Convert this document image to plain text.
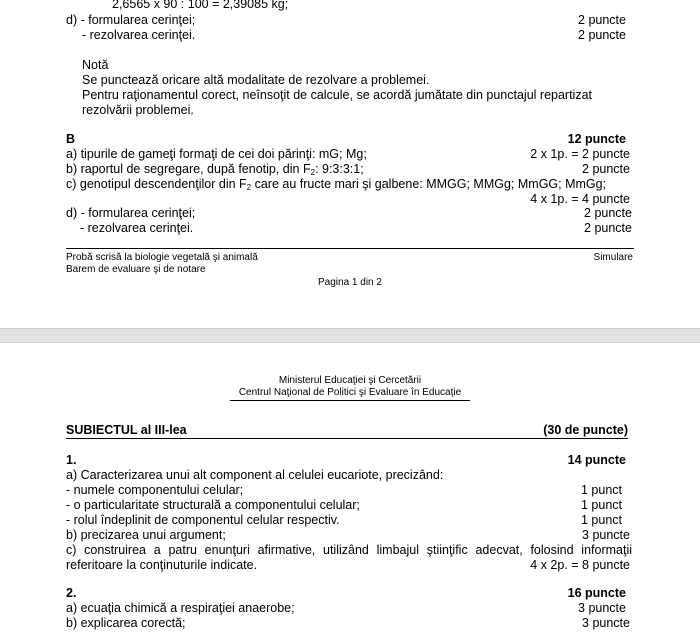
2,6565 x 90 : 100 = 2,39085 kg;
d) - formularea cerinţei;	2 puncte
- rezolvarea cerinţei.	2 puncte
Notă
Se punctează oricare altă modalitate de rezolvare a problemei.
Pentru raţionamentul corect, neînsoţit de calcule, se acordă jumătate din punctajul repartizat
rezolvării problemei.
B	12 puncte
a) tipurile de gameţi formaţi de cei doi părinţi: mG; Mg;	2 x 1p. = 2 puncte
b) raportul de segregare, după fenotip, din $F_2$: 9:3:3:1;	2 puncte
c) genotipul descendenţilor din $F_2$ care au fructe mari şi galbene: MMGG; MMGg; MmGG; MmGg;
4 x 1p. = 4 puncte
d) - formularea cerinţei;	2 puncte
- rezolvarea cerinţei.	2 puncte
Probă scrisă la biologie vegetală şi animală
Barem de evaluare şi de notare
Simulare
Pagina 1 din 2
Ministerul Educaţiei şi Cercetării
Centrul Naţional de Politici şi Evaluare în Educaţie
SUBIECTUL al III-lea	(30 de puncte)
1.	14 puncte
a) Caracterizarea unui alt component al celulei eucariote, precizând:
- numele componentului celular;	1 punct
- o particularitate structurală a componentului celular;	1 punct
- rolul îndeplinit de componentul celular respectiv.	1 punct
b) precizarea unui argument;	3 puncte
c) construirea a patru enunţuri afirmative, utilizând limbajul ştiinţific adecvat, folosind informaţii
referitoare la conţinuturile indicate.	4 x 2p. = 8 puncte
2.	16 puncte
a) ecuaţia chimică a respiraţiei anaerobe;	3 puncte
b) explicarea corectă;	3 puncte
